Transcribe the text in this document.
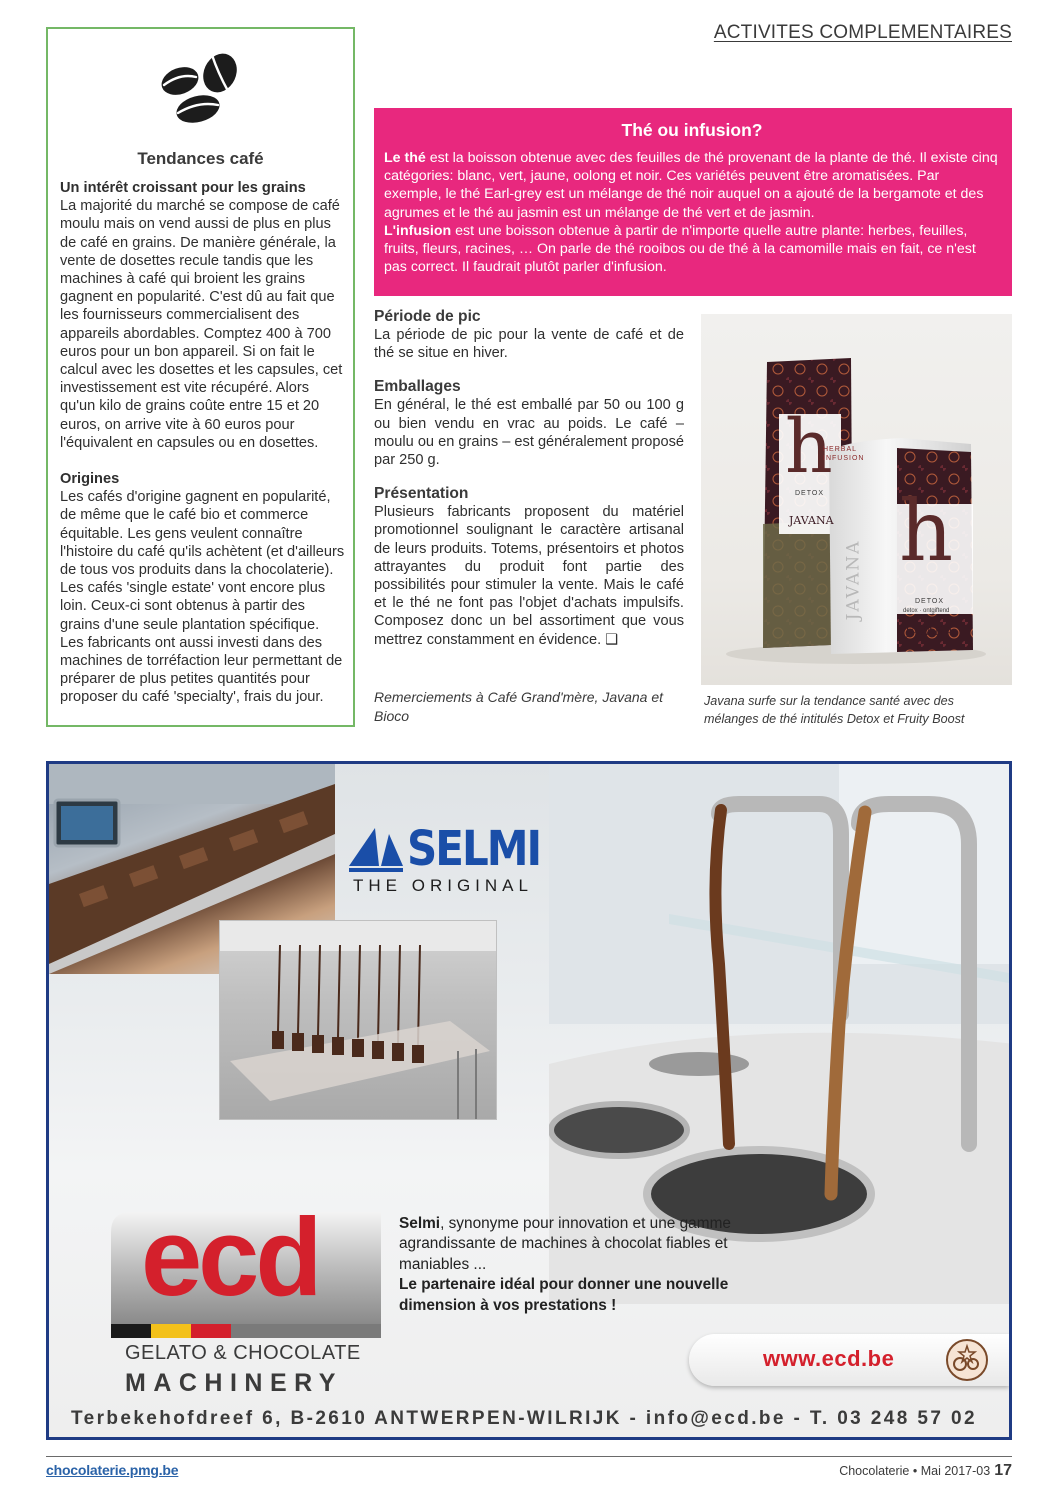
ACTIVITES COMPLEMENTAIRES
Tendances café
Un intérêt croissant pour les grains
La majorité du marché se compose de café moulu mais on vend aussi de plus en plus de café en grains. De manière générale, la vente de dosettes recule tandis que les machines à café qui broient les grains gagnent en popularité. C'est dû au fait que les fournisseurs commercialisent des appareils abordables. Comptez 400 à 700 euros pour un bon appareil. Si on fait le calcul avec les dosettes et les capsules, cet investissement est vite récupéré. Alors qu'un kilo de grains coûte entre 15 et 20 euros, on arrive vite à 60 euros pour l'équivalent en capsules ou en dosettes.
Origines
Les cafés d'origine gagnent en popularité, de même que le café bio et commerce équitable. Les gens veulent connaître l'histoire du café qu'ils achètent (et d'ailleurs de tous vos produits dans la chocolaterie). Les cafés 'single estate' vont encore plus loin. Ceux-ci sont obtenus à partir des grains d'une seule plantation spécifique. Les fabricants ont aussi investi dans des machines de torréfaction leur permettant de préparer de plus petites quantités pour proposer du café 'specialty', frais du jour.
Thé ou infusion?
Le thé est la boisson obtenue avec des feuilles de thé provenant de la plante de thé. Il existe cinq catégories: blanc, vert, jaune, oolong et noir. Ces variétés peuvent être aromatisées. Par exemple, le thé Earl-grey est un mélange de thé noir auquel on a ajouté de la bergamote et des agrumes et le thé au jasmin est un mélange de thé vert et de jasmin.
L'infusion est une boisson obtenue à partir de n'importe quelle autre plante: herbes, feuilles, fruits, fleurs, racines, … On parle de thé rooibos ou de thé à la camomille mais en fait, ce n'est pas correct. Il faudrait plutôt parler d'infusion.
Période de pic

La période de pic pour la vente de café et de thé se situe en hiver.

Emballages

En général, le thé est emballé par 50 ou 100 g ou bien vendu en vrac au poids. Le café – moulu ou en grains – est généralement proposé par 250 g.

Présentation

Plusieurs fabricants proposent du matériel promotionnel soulignant le caractère artisanal de leurs produits. Totems, présentoirs et photos attrayantes du produit font partie des possibilités pour stimuler la vente. Mais le café et le thé ne font pas l'objet d'achats impulsifs. Composez donc un bel assortiment que vous mettrez constamment en évidence. ❑

Remerciements à Café Grand'mère, Javana et Bioco
h
HERBAL
INFUSION
DETOX
JAVANA h
DETOX
detox · ontgiftend
JAVANA
JAVANA
Javana surfe sur la tendance santé avec des mélanges de thé intitulés Detox et Fruity Boost
SELMI
THE ORIGINAL
ecd	Selmi, synonyme pour innovation et une gamme agrandissante de machines à chocolat fiables et maniables ...
Le partenaire idéal pour donner une nouvelle dimension à vos prestations !
GELATO & CHOCOLATE
MACHINERY
www.ecd.be
Terbekehofdreef 6, B-2610 ANTWERPEN-WILRIJK - info@ecd.be - T. 03 248 57 02
chocolaterie.pmg.be	Chocolaterie • Mai 2017-03 17
